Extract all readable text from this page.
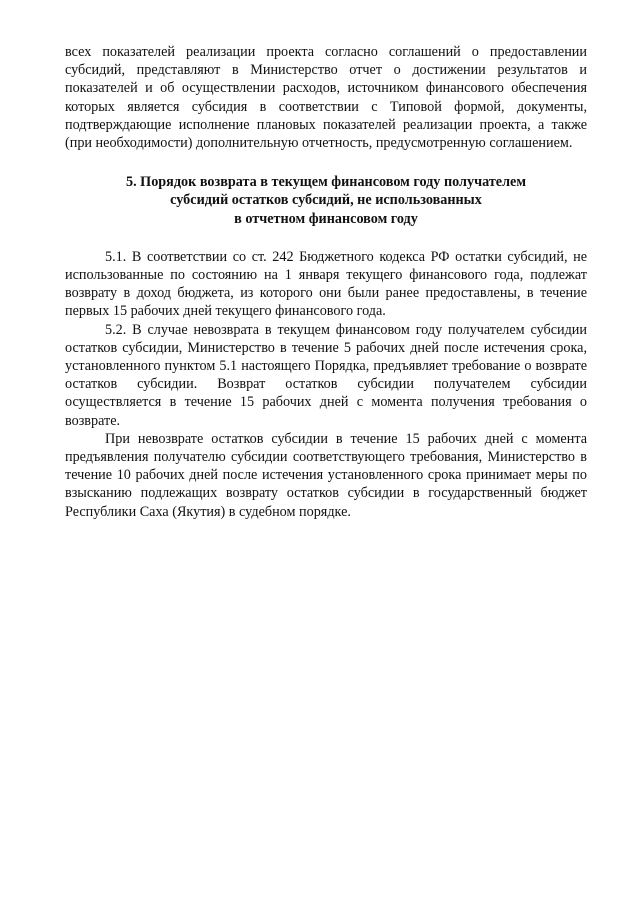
всех показателей реализации проекта согласно соглашений о предоставлении субсидий, представляют в Министерство отчет о достижении результатов и показателей и об осуществлении расходов, источником финансового обеспечения которых является субсидия в соответствии с Типовой формой, документы, подтверждающие исполнение плановых показателей реализации проекта, а также (при необходимости) дополнительную отчетность, предусмотренную соглашением.

5. Порядок возврата в текущем финансовом году получателем
субсидий остатков субсидий, не использованных
в отчетном финансовом году

5.1. В соответствии со ст. 242 Бюджетного кодекса РФ остатки субсидий, не использованные по состоянию на 1 января текущего финансового года, подлежат возврату в доход бюджета, из которого они были ранее предоставлены, в течение первых 15 рабочих дней текущего финансового года.

5.2. В случае невозврата в текущем финансовом году получателем субсидии остатков субсидии, Министерство в течение 5 рабочих дней после истечения срока, установленного пунктом 5.1 настоящего Порядка, предъявляет требование о возврате остатков субсидии. Возврат остатков субсидии получателем субсидии осуществляется в течение 15 рабочих дней с момента получения требования о возврате.

При невозврате остатков субсидии в течение 15 рабочих дней с момента предъявления получателю субсидии соответствующего требования, Министерство в течение 10 рабочих дней после истечения установленного срока принимает меры по взысканию подлежащих возврату остатков субсидии в государственный бюджет Республики Саха (Якутия) в судебном порядке.
